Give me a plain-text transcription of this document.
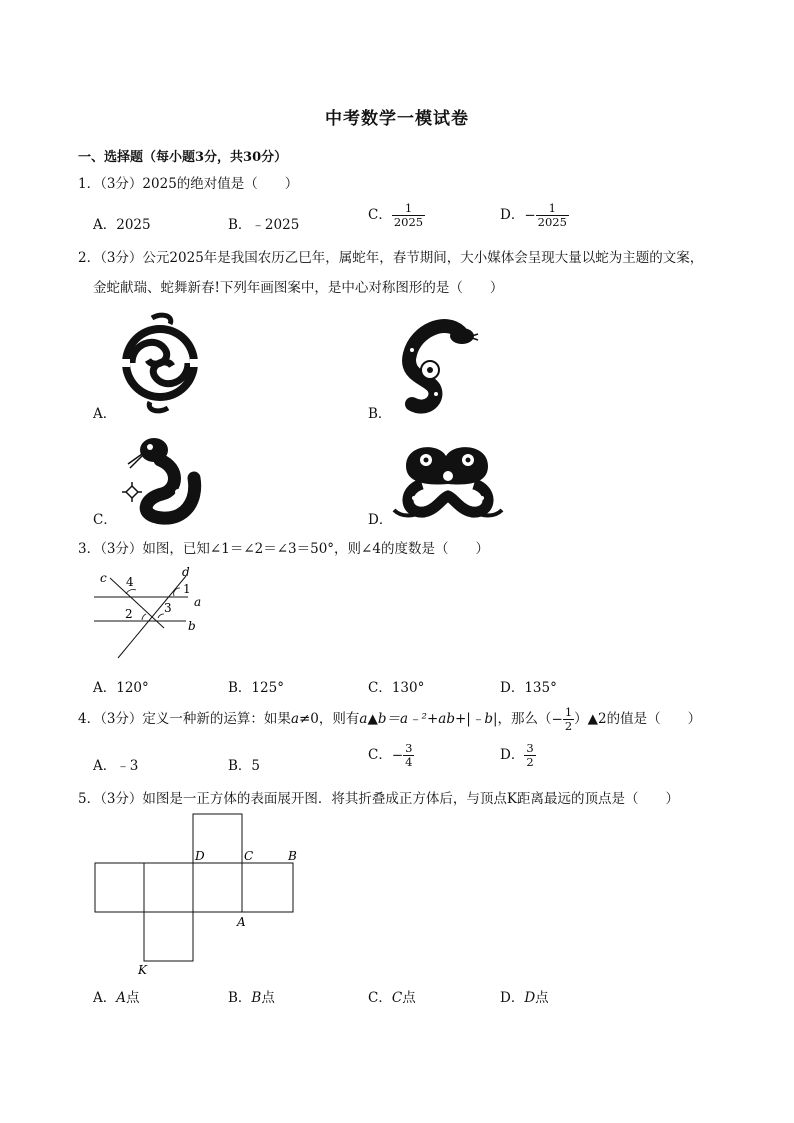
中考数学一模试卷
一、选择题（每小题3分，共30分）
1．（3分）2025的绝对值是（　　）
A．2025	B．﹣2025
C． $\frac{1}{2025}$	D．− $\frac{1}{2025}$
2．（3分）公元2025年是我国农历乙巳年，属蛇年，春节期间，大小媒体会呈现大量以蛇为主题的文案，
金蛇献瑞、蛇舞新春!下列年画图案中，是中心对称图形的是（　　）
A．	B．
C．	D．
3．（3分）如图，已知∠1＝∠2＝∠3＝50°，则∠4的度数是（　　）
c 4
d
1
a
2	3
b
A．120°	B．125°	C．130°	D．135°
4．（3分）定义一种新的运算：如果a≠0，则有a▲b＝a﹣²+ab+|﹣b|，那么（− $\frac{1}{2}$ ）▲2的值是（　　）
A．﹣3	B．5
C．− $\frac{3}{4}$	D． $\frac{3}{2}$
5．（3分）如图是一正方体的表面展开图．将其折叠成正方体后，与顶点K距离最远的顶点是（　　）
D	C	B
A
K
A．A点	B．B点	C．C点	D．D点
